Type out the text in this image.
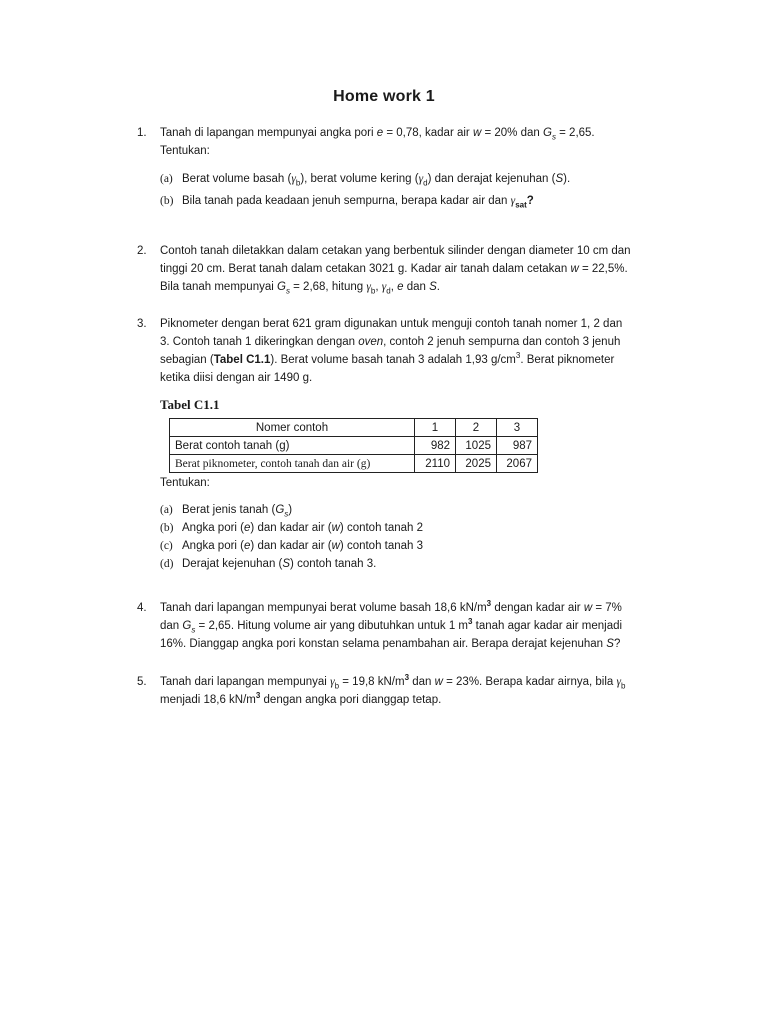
Home work 1
1.	Tanah di lapangan mempunyai angka pori e = 0,78, kadar air w = 20% dan $G_s = 2,65$.
Tentukan:
(a) Berat volume basah $(\gamma_b)$, berat volume kering $(\gamma_d)$ dan derajat kejenuhan (S).
(b) Bila tanah pada keadaan jenuh sempurna, berapa kadar air dan $\gamma_{sat}$?
2.	Contoh tanah diletakkan dalam cetakan yang berbentuk silinder dengan diameter 10 cm dan
tinggi 20 cm. Berat tanah dalam cetakan 3021 g. Kadar air tanah dalam cetakan w = 22,5%.
Bila tanah mempunyai $G_s = 2,68$, hitung $\gamma_b$, $\gamma_d$, e dan S.
3.	Piknometer dengan berat 621 gram digunakan untuk menguji contoh tanah nomer 1, 2 dan
3. Contoh tanah 1 dikeringkan dengan oven, contoh 2 jenuh sempurna dan contoh 3 jenuh
sebagian (Tabel C1.1). Berat volume basah tanah 3 adalah 1,93 $g/cm^3$. Berat piknometer
ketika diisi dengan air 1490 g.
Tabel C1.1
Nomer contoh	1	2	3
Berat contoh tanah (g)	982	1025	987
Berat piknometer, contoh tanah dan air (g)	2110	2025	2067
Tentukan:
(a) Berat jenis tanah $(G_s)$
(b) Angka pori (e) dan kadar air (w) contoh tanah 2
(c) Angka pori (e) dan kadar air (w) contoh tanah 3
(d) Derajat kejenuhan (S) contoh tanah 3.
4.	Tanah dari lapangan mempunyai berat volume basah 18,6 $kN/m^3$ dengan kadar air w = 7%
dan $G_s = 2,65$. Hitung volume air yang dibutuhkan untuk 1 $m^3$ tanah agar kadar air menjadi
16%. Dianggap angka pori konstan selama penambahan air. Berapa derajat kejenuhan S?
5.	Tanah dari lapangan mempunyai $\gamma_b = 19,8$ $kN/m^3$ dan w = 23%. Berapa kadar airnya, bila $\gamma_b$
menjadi 18,6 $kN/m^3$ dengan angka pori dianggap tetap.
